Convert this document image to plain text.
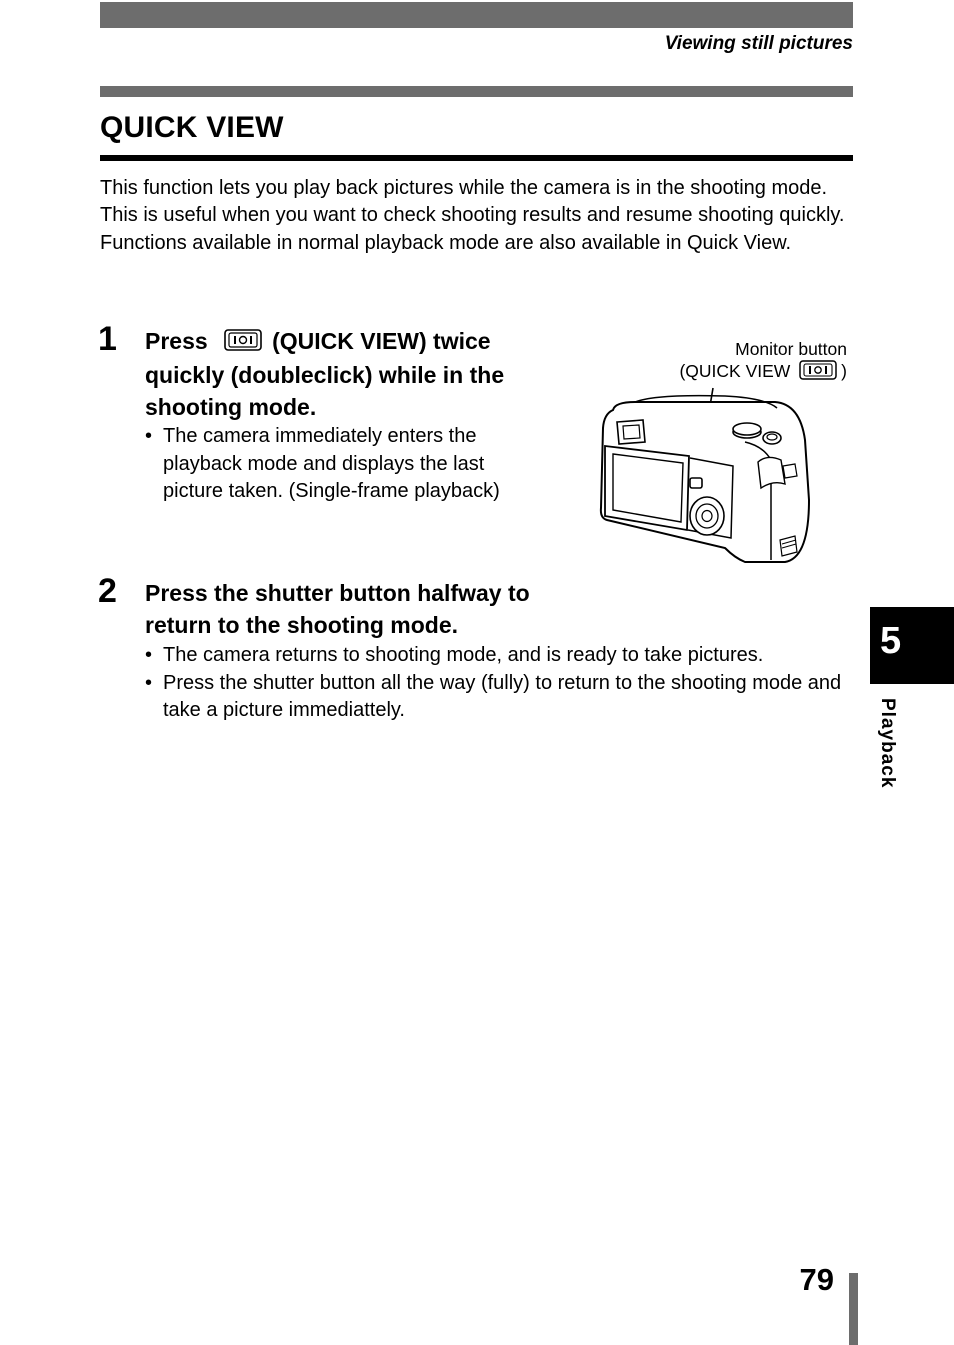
Viewing still pictures
QUICK VIEW

This function lets you play back pictures while the camera is in the shooting mode. This is useful when you want to check shooting results and resume shooting quickly.

Functions available in normal playback mode are also available in Quick View.

1 Press	(QUICK VIEW) twice quickly (doubleclick) while in the shooting mode.
• The camera immediately enters the playback mode and displays the last picture taken. (Single-frame playback)
Monitor button
(QUICK VIEW	)
2 Press the shutter button halfway to return to the shooting mode.
• The camera returns to shooting mode, and is ready to take pictures.
• Press the shutter button all the way (fully) to return to the shooting mode and take a picture immediattely.
5
Playback
79
